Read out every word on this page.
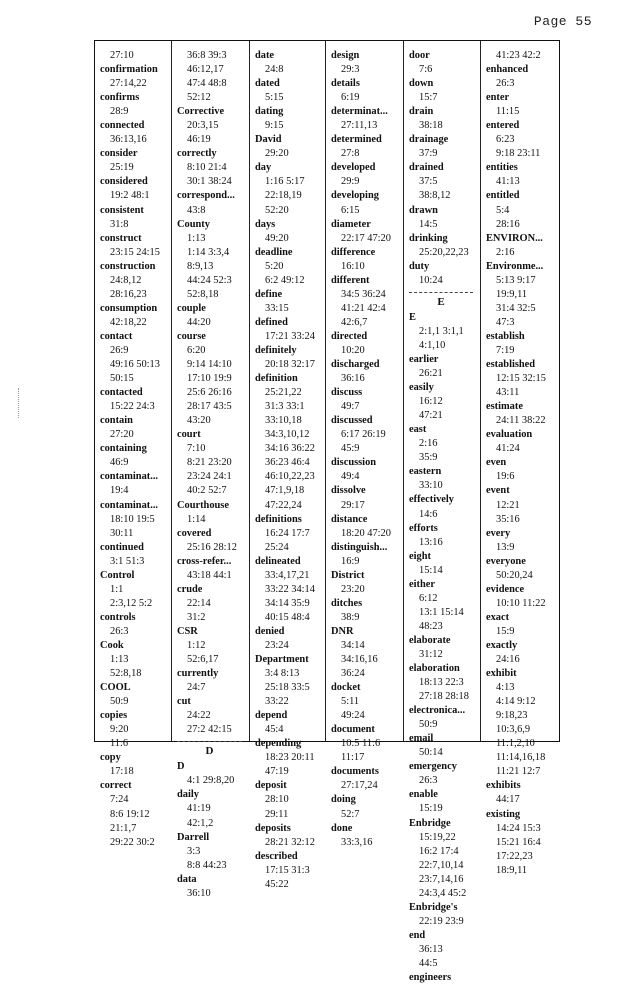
Page 55
27:10
confirmation
27:14,22
confirms
28:9
connected
36:13,16
consider
25:19
considered
19:2 48:1
consistent
31:8
construct
23:15 24:15
construction
24:8,12
28:16,23
consumption
42:18,22
contact
26:9
49:16 50:13
50:15
contacted
15:22 24:3
contain
27:20
containing
46:9
contaminat...
19:4
contaminat...
18:10 19:5
30:11
continued
3:1 51:3
Control
1:1
2:3,12 5:2
controls
26:3
Cook
1:13
52:8,18
COOL
50:9
copies
9:20
11:6
copy
17:18
correct
7:24
8:6 19:12
21:1,7
29:22 30:2
36:8 39:3
46:12,17
47:4 48:8
52:12
Corrective
20:3,15
46:19
correctly
8:10 21:4
30:1 38:24
correspond...
43:8
County
1:13
1:14 3:3,4
8:9,13
44:24 52:3
52:8,18
couple
44:20
course
6:20
9:14 14:10
17:10 19:9
25:6 26:16
28:17 43:5
43:20
court
7:10
8:21 23:20
23:24 24:1
40:2 52:7
Courthouse
1:14
covered
25:16 28:12
cross-refer...
43:18 44:1
crude
22:14
31:2
CSR
1:12
52:6,17
currently
24:7
cut
24:22
27:2 42:15
D
D
4:1 29:8,20
daily
41:19
42:1,2
Darrell
3:3
8:8 44:23
data
36:10
date
24:8
dated
5:15
dating
9:15
David
29:20
day
1:16 5:17
22:18,19
52:20
days
49:20
deadline
5:20
6:2 49:12
define
33:15
defined
17:21 33:24
definitely
20:18 32:17
definition
25:21,22
31:3 33:1
33:10,18
34:3,10,12
34:16 36:22
36:23 46:4
46:10,22,23
47:1,9,18
47:22,24
definitions
16:24 17:7
25:24
delineated
33:4,17,21
33:22 34:14
34:14 35:9
40:15 48:4
denied
23:24
Department
3:4 8:13
25:18 33:5
33:22
depend
45:4
depending
18:23 20:11
47:19
deposit
28:10
29:11
deposits
28:21 32:12
described
17:15 31:3
45:22
design
29:3
details
6:19
determinat...
27:11,13
determined
27:8
developed
29:9
developing
6:15
diameter
22:17 47:20
difference
16:10
different
34:5 36:24
41:21 42:4
42:6,7
directed
10:20
discharged
36:16
discuss
49:7
discussed
6:17 26:19
45:9
discussion
49:4
dissolve
29:17
distance
18:20 47:20
distinguish...
16:9
District
23:20
ditches
38:9
DNR
34:14
34:16,16
36:24
docket
5:11
49:24
document
10:5 11:6
11:17
documents
27:17,24
doing
52:7
done
33:3,16
door
7:6
down
15:7
drain
38:18
drainage
37:9
drained
37:5
38:8,12
drawn
14:5
drinking
25:20,22,23
duty
10:24
E
E
2:1,1 3:1,1
4:1,10
earlier
26:21
easily
16:12
47:21
east
2:16
35:9
eastern
33:10
effectively
14:6
efforts
13:16
eight
15:14
either
6:12
13:1 15:14
48:23
elaborate
31:12
elaboration
18:13 22:3
27:18 28:18
electronica...
50:9
email
50:14
emergency
26:3
enable
15:19
Enbridge
15:19,22
16:2 17:4
22:7,10,14
23:7,14,16
24:3,4 45:2
Enbridge's
22:19 23:9
end
36:13
44:5
engineers
41:23 42:2
enhanced
26:3
enter
11:15
entered
6:23
9:18 23:11
entities
41:13
entitled
5:4
28:16
ENVIRON...
2:16
Environme...
5:13 9:17
19:9,11
31:4 32:5
47:3
establish
7:19
established
12:15 32:15
43:11
estimate
24:11 38:22
evaluation
41:24
even
19:6
event
12:21
35:16
every
13:9
everyone
50:20,24
evidence
10:10 11:22
exact
15:9
exactly
24:16
exhibit
4:13
4:14 9:12
9:18,23
10:3,6,9
11:1,2,10
11:14,16,18
11:21 12:7
exhibits
44:17
existing
14:24 15:3
15:21 16:4
17:22,23
18:9,11
